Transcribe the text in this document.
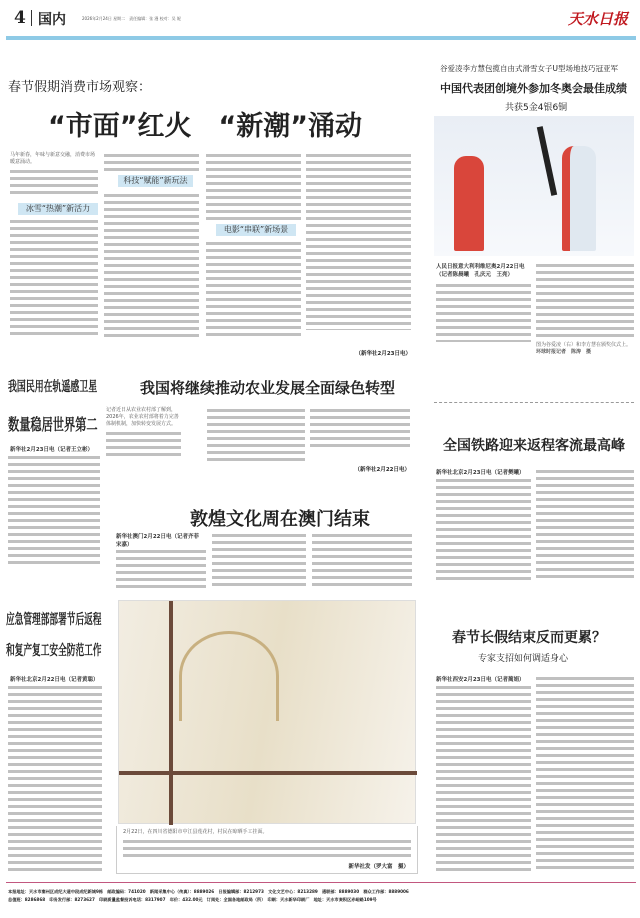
4 国内	2026年2月24日 星期二　 责任编辑：张 漫 校对：吴 妮	天水日报
春节假期消费市场观察：
“市面”红火　“新潮”涌动
马年新春，年味与新意交融，消费市场暖意涌动。
冰雪“热潮”新活力
科技“赋能”新玩法
电影“串联”新场景
（新华社2月23日电）
谷爱凌李方慧包揽自由式滑雪女子U型场地技巧冠亚军
中国代表团创境外参加冬奥会最佳成绩
共获5金4银6铜
人民日报意大利利维尼奥2月22日电（记者陈晨曦　孔庆元　王亮）
图为谷爱凌（右）和李方慧在颁奖仪式上。 环球时报记者　陈涛　摄
我国民用在轨遥感卫星
数量稳居世界第二
新华社2月23日电（记者王立彬）
我国将继续推动农业发展全面绿色转型
记者近日从农业农村部了解到，2026年，农业农村部将着力完善体制机制，加快转变发展方式。
（新华社2月22日电）
全国铁路迎来返程客流最高峰
新华社北京2月23日电（记者樊曦）
敦煌文化周在澳门结束
新华社澳门2月22日电（记者齐菲　宋嘉）
2月22日，在四川省德阳市中江县莲花村，村民在晾晒手工挂面。
新华社发（罗大富　摄）
应急管理部部署节后返程
和复产复工安全防范工作
新华社北京2月22日电（记者黄聪）
春节长假结束反而更累？
专家支招如何调适身心
新华社西安2月23日电（记者蔺娟）
本报地址：天水市秦州区成纪大道中段成纪新城9栋　邮政编码：741020　新闻采集中心（传真）：8889026　日报编辑部：8212973　文化文艺中心：8213289　通联部：8889030　群众工作部：8889006
总值班：8286868　印务发行部：8273627　印刷质量监督投诉电话：8317907　年价：432.00元　订阅处：全国各地邮政局（所）　印刷：天水新华印刷厂　地址：天水市麦积区赤峪路109号
